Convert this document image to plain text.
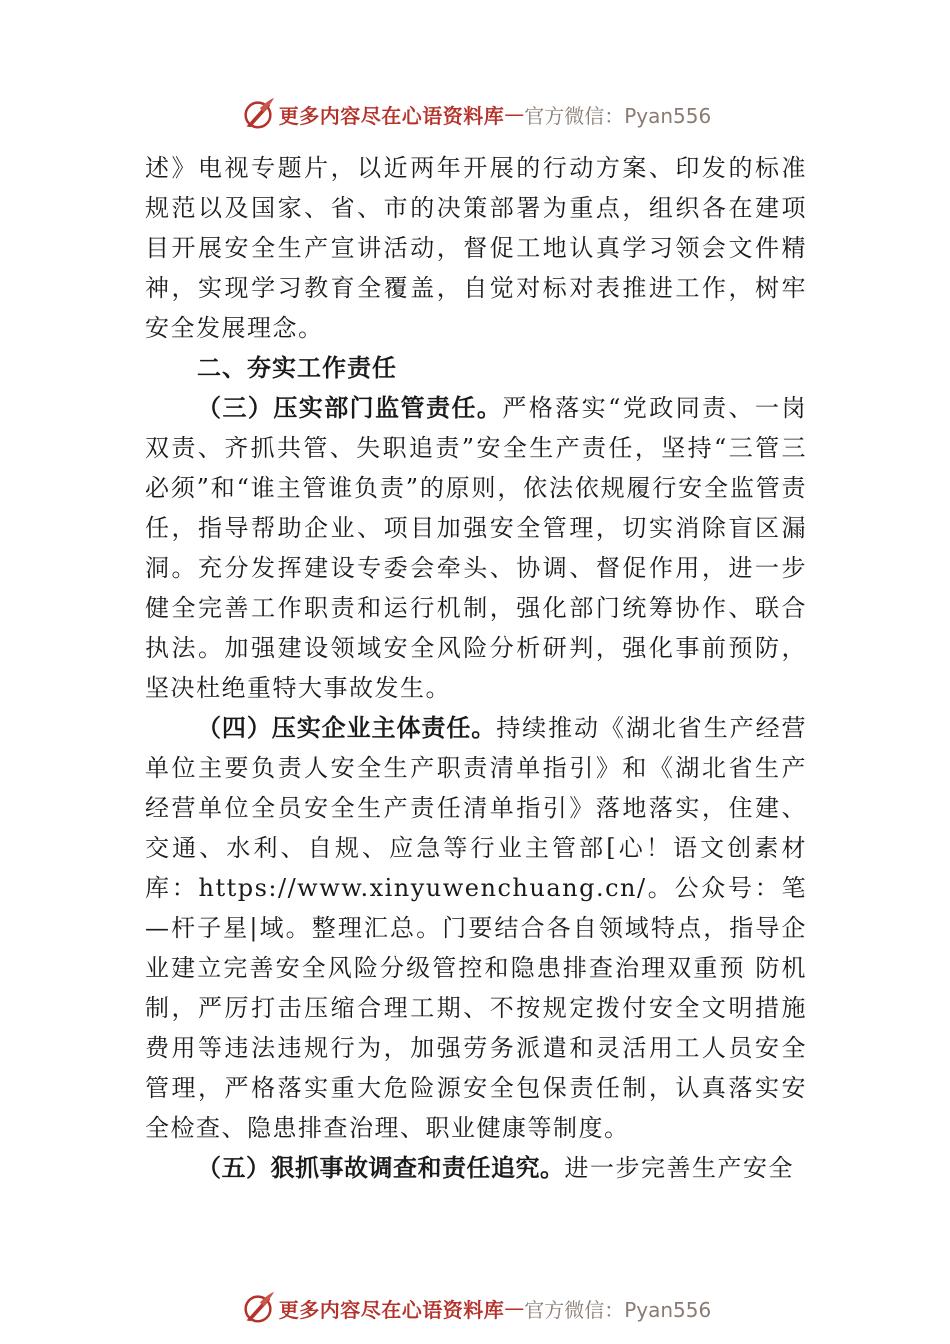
更多内容尽在心语资料库 — 官方微信：Pyan556

述》电视专题片，以近两年开展的行动方案、印发的标准规范以及国家、省、市的决策部署为重点，组织各在建项目开展安全生产宣讲活动，督促工地认真学习领会文件精神，实现学习教育全覆盖，自觉对标对表推进工作，树牢安全发展理念。

二、夯实工作责任

（三）压实部门监管责任。严格落实“党政同责、一岗双责、齐抓共管、失职追责”安全生产责任，坚持“三管三必须”和“谁主管谁负责”的原则，依法依规履行安全监管责任，指导帮助企业、项目加强安全管理，切实消除盲区漏洞。充分发挥建设专委会牵头、协调、督促作用，进一步健全完善工作职责和运行机制，强化部门统筹协作、联合执法。加强建设领域安全风险分析研判，强化事前预防，坚决杜绝重特大事故发生。

（四）压实企业主体责任。持续推动《湖北省生产经营单位主要负责人安全生产职责清单指引》和《湖北省生产经营单位全员安全生产责任清单指引》落地落实，住建、交通、水利、自规、应急等行业主管部[心！语文创素材库：https://www.xinyuwenchuang.cn/。公众号：笔—杆子星|域。整理汇总。门要结合各自领域特点，指导企业建立完善安全风险分级管控和隐患排查治理双重预 防机制，严厉打击压缩合理工期、不按规定拨付安全文明措施费用等违法违规行为，加强劳务派遣和灵活用工人员安全管理，严格落实重大危险源安全包保责任制，认真落实安全检查、隐患排查治理、职业健康等制度。

（五）狠抓事故调查和责任追究。进一步完善生产安全

更多内容尽在心语资料库 — 官方微信：Pyan556
